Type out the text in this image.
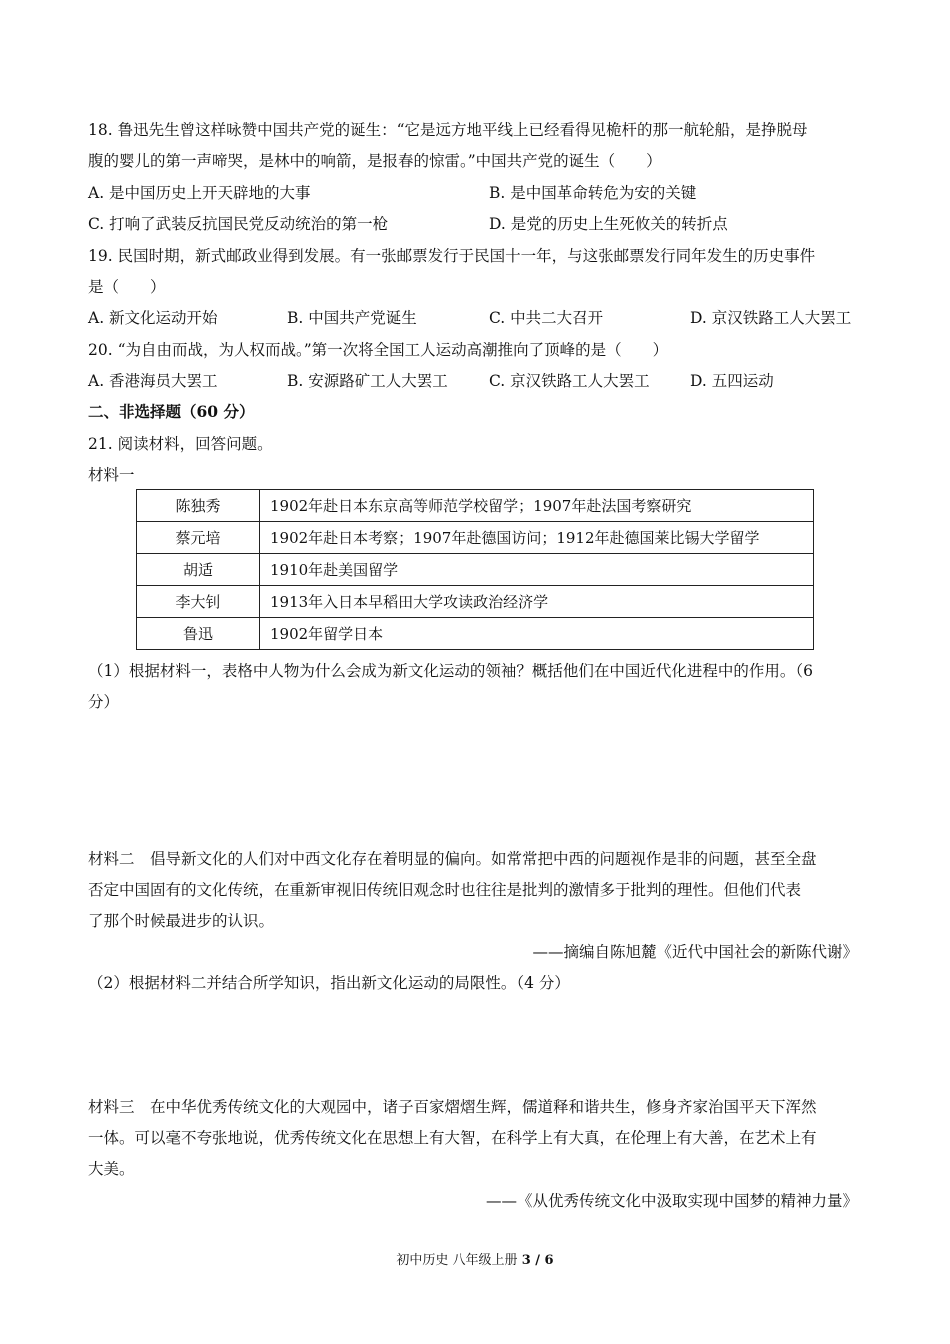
18. 鲁迅先生曾这样咏赞中国共产党的诞生：“它是远方地平线上已经看得见桅杆的那一航轮船，是挣脱母
腹的婴儿的第一声啼哭，是林中的响箭，是报春的惊雷。”中国共产党的诞生（　　）
A. 是中国历史上开天辟地的大事	B. 是中国革命转危为安的关键
C. 打响了武装反抗国民党反动统治的第一枪	D. 是党的历史上生死攸关的转折点
19. 民国时期，新式邮政业得到发展。有一张邮票发行于民国十一年，与这张邮票发行同年发生的历史事件
是（　　）
A. 新文化运动开始	B. 中国共产党诞生	C. 中共二大召开	D. 京汉铁路工人大罢工
20. “为自由而战，为人权而战。”第一次将全国工人运动高潮推向了顶峰的是（　　）
A. 香港海员大罢工	B. 安源路矿工人大罢工	C. 京汉铁路工人大罢工	D. 五四运动
二、非选择题（60 分）
21. 阅读材料，回答问题。
材料一
陈独秀	1902年赴日本东京高等师范学校留学；1907年赴法国考察研究
蔡元培	1902年赴日本考察；1907年赴德国访问；1912年赴德国莱比锡大学留学
胡适	1910年赴美国留学
李大钊	1913年入日本早稻田大学攻读政治经济学
鲁迅	1902年留学日本
（1）根据材料一，表格中人物为什么会成为新文化运动的领袖？概括他们在中国近代化进程中的作用。（6
分）
材料二　倡导新文化的人们对中西文化存在着明显的偏向。如常常把中西的问题视作是非的问题，甚至全盘
否定中国固有的文化传统，在重新审视旧传统旧观念时也往往是批判的激情多于批判的理性。但他们代表
了那个时候最进步的认识。
——摘编自陈旭麓《近代中国社会的新陈代谢》
（2）根据材料二并结合所学知识，指出新文化运动的局限性。（4 分）
材料三　在中华优秀传统文化的大观园中，诸子百家熠熠生辉，儒道释和谐共生，修身齐家治国平天下浑然
一体。可以毫不夸张地说，优秀传统文化在思想上有大智，在科学上有大真，在伦理上有大善，在艺术上有
大美。
——《从优秀传统文化中汲取实现中国梦的精神力量》
初中历史 八年级上册 3 / 6
